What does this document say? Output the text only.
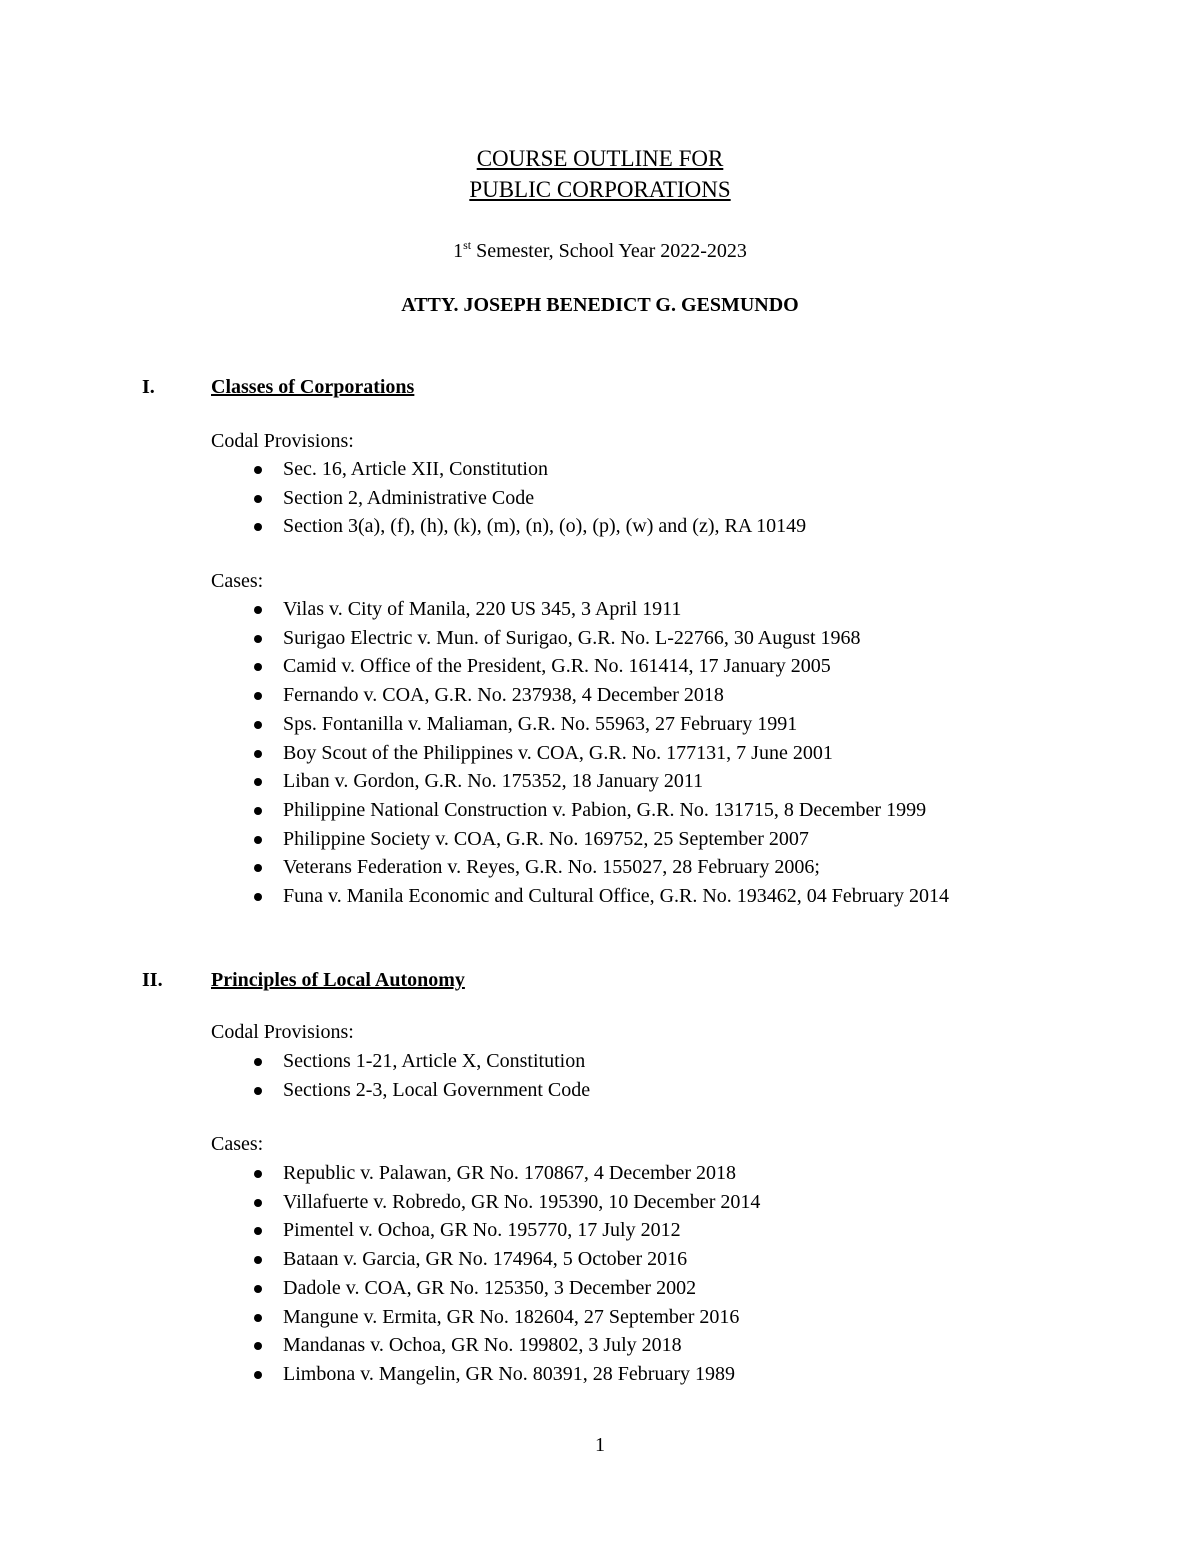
COURSE OUTLINE FOR
PUBLIC CORPORATIONS
1st Semester, School Year 2022-2023
ATTY. JOSEPH BENEDICT G. GESMUNDO
I.	Classes of Corporations
Codal Provisions:
Sec. 16, Article XII, Constitution
Section 2, Administrative Code
Section 3(a), (f), (h), (k), (m), (n), (o), (p), (w) and (z), RA 10149
Cases:
Vilas v. City of Manila, 220 US 345, 3 April 1911
Surigao Electric v. Mun. of Surigao, G.R. No. L-22766, 30 August 1968
Camid v. Office of the President, G.R. No. 161414, 17 January 2005
Fernando v. COA, G.R. No. 237938, 4 December 2018
Sps. Fontanilla v. Maliaman, G.R. No. 55963, 27 February 1991
Boy Scout of the Philippines v. COA, G.R. No. 177131, 7 June 2001
Liban v. Gordon, G.R. No. 175352, 18 January 2011
Philippine National Construction v. Pabion, G.R. No. 131715, 8 December 1999
Philippine Society v. COA, G.R. No. 169752, 25 September 2007
Veterans Federation v. Reyes, G.R. No. 155027, 28 February 2006;
Funa v. Manila Economic and Cultural Office, G.R. No. 193462, 04 February 2014
II. Principles of Local Autonomy
Codal Provisions:
Sections 1-21, Article X, Constitution
Sections 2-3, Local Government Code
Cases:
Republic v. Palawan, GR No. 170867, 4 December 2018
Villafuerte v. Robredo, GR No. 195390, 10 December 2014
Pimentel v. Ochoa, GR No. 195770, 17 July 2012
Bataan v. Garcia, GR No. 174964, 5 October 2016
Dadole v. COA, GR No. 125350, 3 December 2002
Mangune v. Ermita, GR No. 182604, 27 September 2016
Mandanas v. Ochoa, GR No. 199802, 3 July 2018
Limbona v. Mangelin, GR No. 80391, 28 February 1989
1
